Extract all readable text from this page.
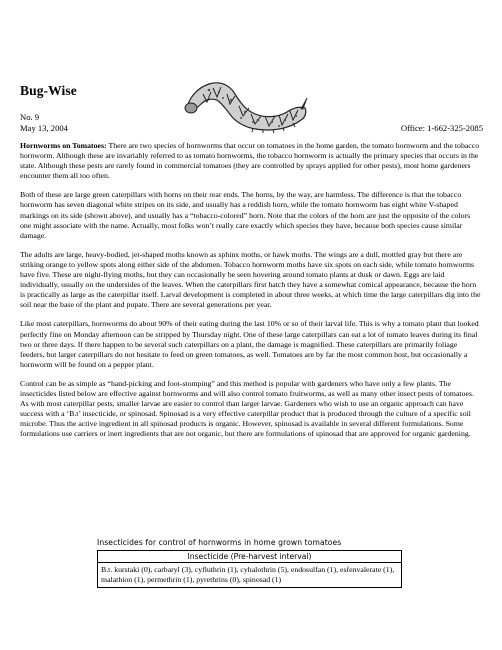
Bug-Wise
No. 9
May 13, 2004	Office: 1-662-325-2085

Hornworms on Tomatoes: There are two species of hornworms that occur on tomatoes in the home garden, the tomato hornworm and the tobacco hornworm. Although these are invariably referred to as tomato hornworms, the tobacco hornworm is actually the primary species that occurs in the state. Although these pests are rarely found in commercial tomatoes (they are controlled by sprays applied for other pests), most home gardeners encounter them all too often.

Both of these are large green caterpillars with horns on their rear ends. The horns, by the way, are harmless. The difference is that the tobacco hornworm has seven diagonal white stripes on its side, and usually has a reddish horn, while the tomato hornworm has eight white V-shaped markings on its side (shown above), and usually has a “tobacco-colored” horn. Note that the colors of the horn are just the opposite of the colors one might associate with the name. Actually, most folks won’t really care exactly which species they have, because both species cause similar damage.

The adults are large, heavy-bodied, jet-shaped moths known as sphinx moths, or hawk moths. The wings are a dull, mottled gray but there are striking orange to yellow spots along either side of the abdomen. Tobacco hornworm moths have six spots on each side, while tomato hornworms have five. These are night-flying moths, but they can occasionally be seen hovering around tomato plants at dusk or dawn. Eggs are laid individually, usually on the undersides of the leaves. When the caterpillars first hatch they have a somewhat comical appearance, because the horn is practically as large as the caterpillar itself. Larval development is completed in about three weeks, at which time the large caterpillars dig into the soil near the base of the plant and pupate. There are several generations per year.

Like most caterpillars, hornworms do about 90% of their eating during the last 10% or so of their larval life. This is why a tomato plant that looked perfectly fine on Monday afternoon can be stripped by Thursday night. One of these large caterpillars can eat a lot of tomato leaves during its final two or three days. If there happen to be several such caterpillars on a plant, the damage is magnified. These caterpillars are primarily foliage feeders, but larger caterpillars do not hesitate to feed on green tomatoes, as well. Tomatoes are by far the most common host, but occasionally a hornworm will be found on a pepper plant.

Control can be as simple as “hand-picking and foot-stomping” and this method is popular with gardeners who have only a few plants. The insecticides listed below are effective against hornworms and will also control tomato fruitworms, as well as many other insect pests of tomatoes. As with most caterpillar pests, smaller larvae are easier to control than larger larvae. Gardeners who wish to use an organic approach can have success with a ‘B.t’ insecticide, or spinosad. Spinosad is a very effective caterpillar product that is produced through the culture of a specific soil microbe. Thus the active ingredient in all spinosad products is organic. However, spinosad is available in several different formulations. Some formulations use carriers or inert ingredients that are not organic, but there are formulations of spinosad that are approved for organic gardening.

Insecticides for control of hornworms in home grown tomatoes
Insecticide (Pre-harvest interval)
B.t. kurstaki (0), carbaryl (3), cyfluthrin (1), cyhalothrin (5), endosulfan (1), esfenvalerate (1), malathion (1), permethrin (1), pyrethrins (0), spinosad (1)
